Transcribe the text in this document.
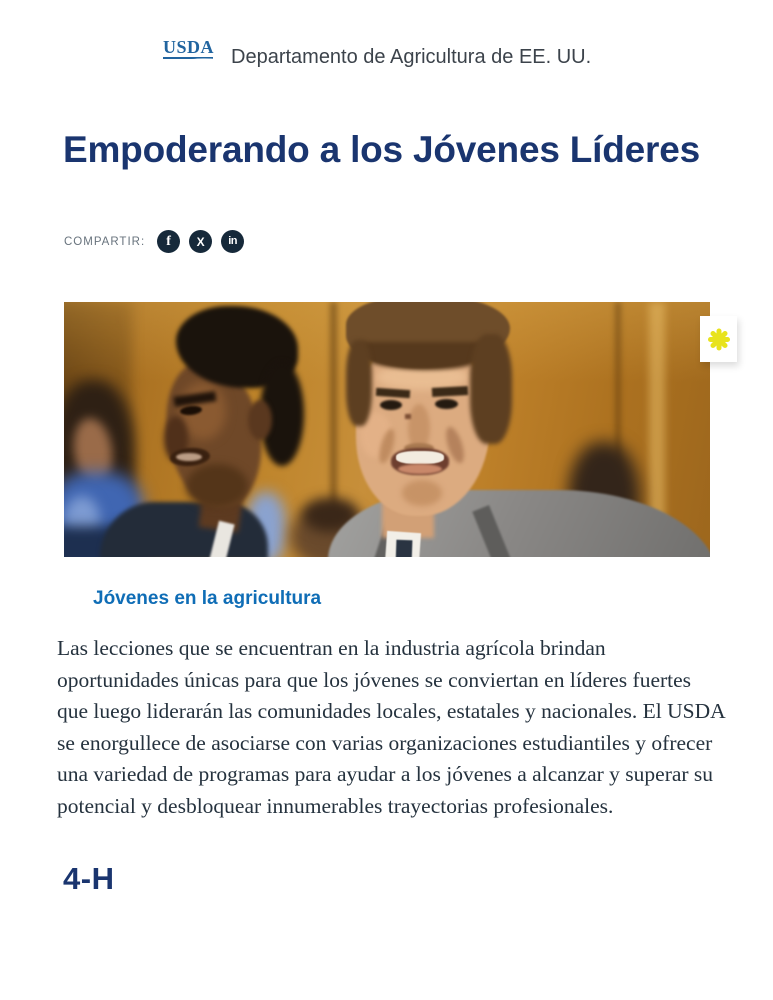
USDA Departamento de Agricultura de EE. UU.
Empoderando a los Jóvenes Líderes
COMPARTIR: f X in
Jóvenes en la agricultura

Las lecciones que se encuentran en la industria agrícola brindan oportunidades únicas para que los jóvenes se conviertan en líderes fuertes que luego liderarán las comunidades locales, estatales y nacionales. El USDA se enorgullece de asociarse con varias organizaciones estudiantiles y ofrecer una variedad de programas para ayudar a los jóvenes a alcanzar y superar su potencial y desbloquear innumerables trayectorias profesionales.

4-H
